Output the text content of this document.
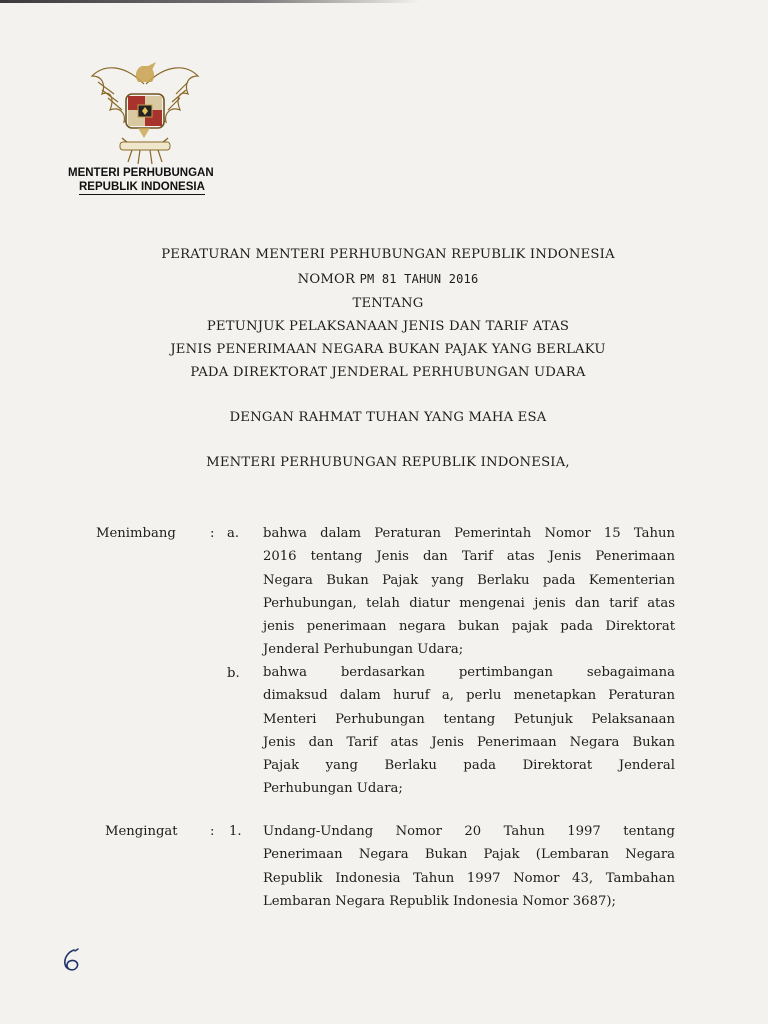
MENTERI PERHUBUNGAN
REPUBLIK INDONESIA
PERATURAN MENTERI PERHUBUNGAN REPUBLIK INDONESIA
NOMOR PM 81 TAHUN 2016
TENTANG
PETUNJUK PELAKSANAAN JENIS DAN TARIF ATAS
JENIS PENERIMAAN NEGARA BUKAN PAJAK YANG BERLAKU
PADA DIREKTORAT JENDERAL PERHUBUNGAN UDARA
DENGAN RAHMAT TUHAN YANG MAHA ESA
MENTERI PERHUBUNGAN REPUBLIK INDONESIA,
Menimbang	: a. bahwa dalam Peraturan Pemerintah Nomor 15 Tahun
2016 tentang Jenis dan Tarif atas Jenis Penerimaan
Negara Bukan Pajak yang Berlaku pada Kementerian
Perhubungan, telah diatur mengenai jenis dan tarif atas
jenis penerimaan negara bukan pajak pada Direktorat
Jenderal Perhubungan Udara;
b. bahwa berdasarkan pertimbangan sebagaimana
dimaksud dalam huruf a, perlu menetapkan Peraturan
Menteri Perhubungan tentang Petunjuk Pelaksanaan
Jenis dan Tarif atas Jenis Penerimaan Negara Bukan
Pajak yang Berlaku pada Direktorat Jenderal
Perhubungan Udara;
Mengingat : 1. Undang-Undang Nomor 20 Tahun 1997 tentang
Penerimaan Negara Bukan Pajak (Lembaran Negara
Republik Indonesia Tahun 1997 Nomor 43, Tambahan
Lembaran Negara Republik Indonesia Nomor 3687);
